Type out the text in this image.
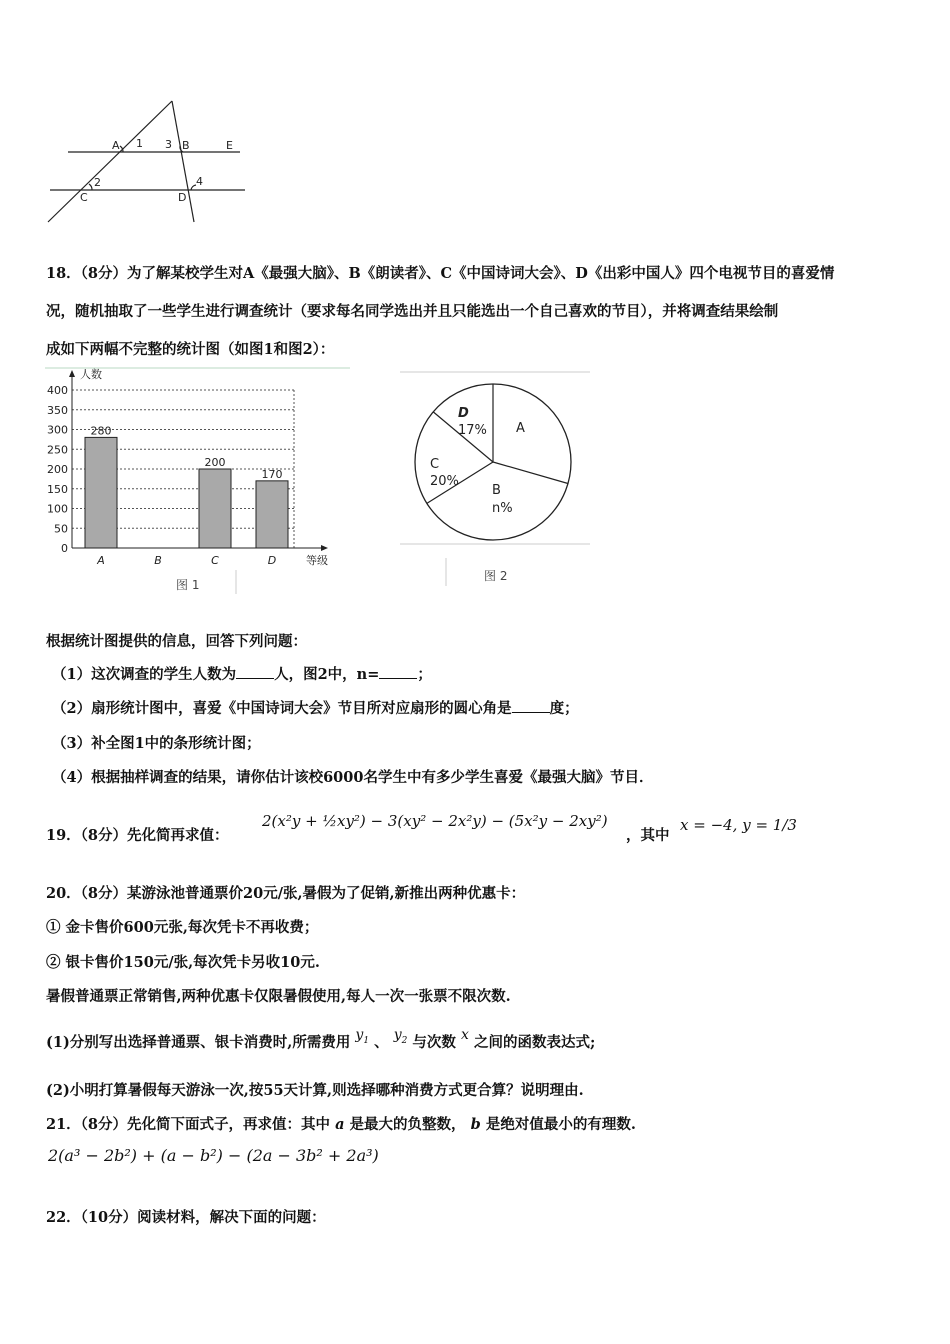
A 1 3 B	E
2
C	D
4
18．（8分）为了解某校学生对A《最强大脑》、B《朗读者》、C《中国诗词大会》、D《出彩中国人》四个电视节目的喜爱情
况，随机抽取了一些学生进行调查统计（要求每名同学选出并且只能选出一个自己喜欢的节目），并将调查结果绘制
成如下两幅不完整的统计图（如图1和图2）：
0
50
100
150
200
250
300
350
400
人数
等级
280
200
170
A	B	C	D
图 1
A
B
n%
C
20%
D
17%
图 2
根据统计图提供的信息，回答下列问题：
（1）这次调查的学生人数为	人，图2中，n=	；
（2）扇形统计图中，喜爱《中国诗词大会》节目所对应扇形的圆心角是	度；
（3）补全图1中的条形统计图；
（4）根据抽样调查的结果，请你估计该校6000名学生中有多少学生喜爱《最强大脑》节目．
19．（8分）先化简再求值：
2(x²y + ½xy²) − 3(xy² − 2x²y) − (5x²y − 2xy²)
，其中
x = −4, y = 1/3
20．（8分）某游泳池普通票价20元/张,暑假为了促销,新推出两种优惠卡：
① 金卡售价600元张,每次凭卡不再收费；
② 银卡售价150元/张,每次凭卡另收10元.
暑假普通票正常销售,两种优惠卡仅限暑假使用,每人一次一张票不限次数.
(1)分别写出选择普通票、银卡消费时,所需费用 $y_1$ 、 $y_2$ 与次数 x 之间的函数表达式;
(2)小明打算暑假每天游泳一次,按55天计算,则选择哪种消费方式更合算？说明理由.
21．（8分）先化简下面式子，再求值：其中 a 是最大的负整数， b 是绝对值最小的有理数.
2(a³ − 2b²) + (a − b²) − (2a − 3b² + 2a³)
22．（10分）阅读材料，解决下面的问题：
